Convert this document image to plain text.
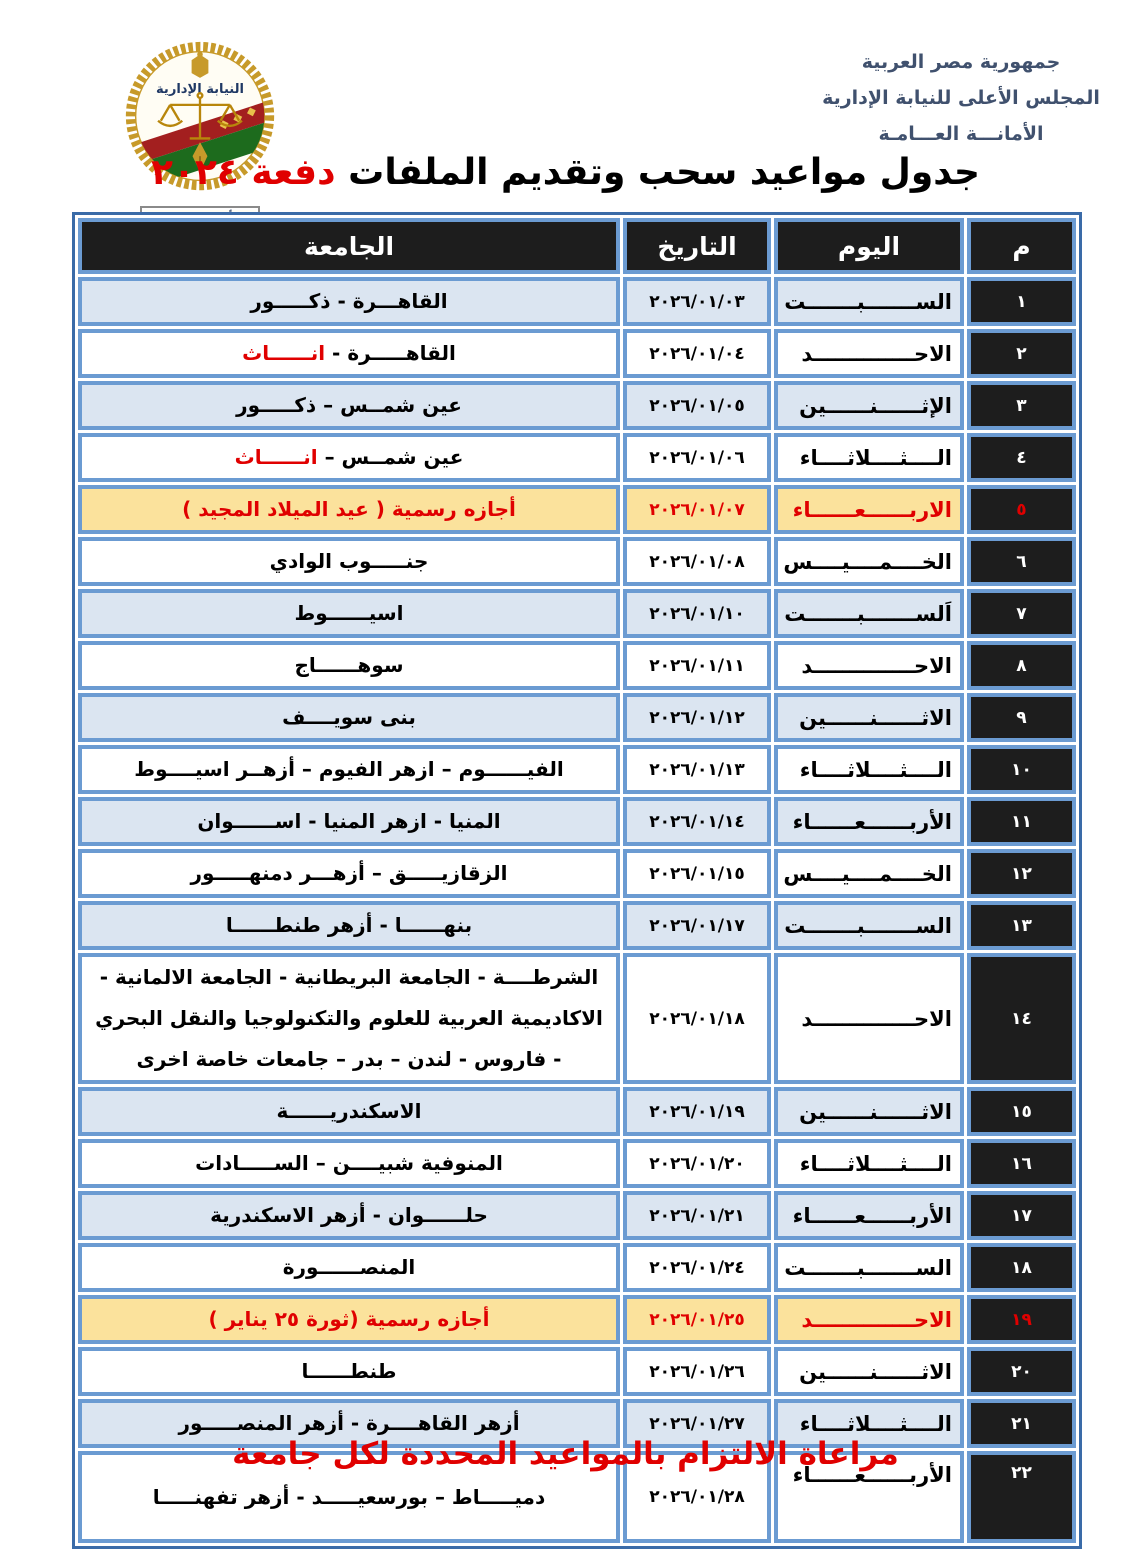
جمهورية مصر العربية
المجلس الأعلى للنيابة الإدارية
الأمانـــة العـــامـة
النيابة الإدارية

جدول مواعيد سحب وتقديم الملفات دفعة ٢٠٢٤
م	اليوم	التاريخ	الجامعة
١	الســـــــبـــــــت	٢٠٢٦/٠١/٠٣	القاهـــرة - ذكـــــور
٢	الاحــــــــــــــد	٢٠٢٦/٠١/٠٤	القاهـــــرة - انــــــاث
٣	الإثــــــنــــــين	٢٠٢٦/٠١/٠٥	عين شمــس – ذكـــــور
٤	الــــثــــلاثــــاء	٢٠٢٦/٠١/٠٦	عين شمــس – انــــــاث
٥	الاربــــــعــــــاء	٢٠٢٦/٠١/٠٧	أجازه رسمية ( عيد الميلاد المجيد )
٦	الخــــمــــيــــس	٢٠٢٦/٠١/٠٨	جنـــــوب الوادي
٧	اَلســـــــبـــــــت	٢٠٢٦/٠١/١٠	اسيــــــوط
٨	الاحــــــــــــــد	٢٠٢٦/٠١/١١	سوهــــــاج
٩	الاثــــــنــــــين	٢٠٢٦/٠١/١٢	بنى سويــــف
١٠	الــــثــــلاثــــاء	٢٠٢٦/٠١/١٣	الفيــــــوم – ازهر الفيوم – أزهــر اسيــــوط
١١	الأربــــــعــــــاء	٢٠٢٦/٠١/١٤	المنيا - ازهر المنيا - اســــــوان
١٢	الخــــمــــيــــس	٢٠٢٦/٠١/١٥	الزقازيـــــق – أزهـــر دمنهـــــور
١٣	الســـــــبـــــــت	٢٠٢٦/٠١/١٧	بنهــــــا - أزهر طنطــــــا
١٤	الاحــــــــــــــد	٢٠٢٦/٠١/١٨	الشرطــــة - الجامعة البريطانية - الجامعة الالمانية - الاكاديمية العربية للعلوم والتكنولوجيا والنقل البحري - فاروس - لندن – بدر – جامعات خاصة اخرى
١٥	الاثــــــنــــــين	٢٠٢٦/٠١/١٩	الاسكندريــــــة
١٦	الــــثــــلاثــــاء	٢٠٢٦/٠١/٢٠	المنوفية شبيــــن – الســـــادات
١٧	الأربــــــعــــــاء	٢٠٢٦/٠١/٢١	حلــــــوان - أزهر الاسكندرية
١٨	الســـــــبـــــــت	٢٠٢٦/٠١/٢٤	المنصــــــورة
١٩	الاحــــــــــــــد	٢٠٢٦/٠١/٢٥	أجازه رسمية (ثورة ٢٥ يناير )
٢٠	الاثــــــنــــــين	٢٠٢٦/٠١/٢٦	طنطــــــا
٢١	الــــثــــلاثــــاء	٢٠٢٦/٠١/٢٧	أزهر القاهــــرة - أزهر المنصـــــور
٢٢	الأربــــــعــــــاء	٢٠٢٦/٠١/٢٨	دميـــــاط – بورسعيـــــد - أزهر تفهنـــــا
مراعاة الالتزام بالمواعيد المحددة لكل جامعة
